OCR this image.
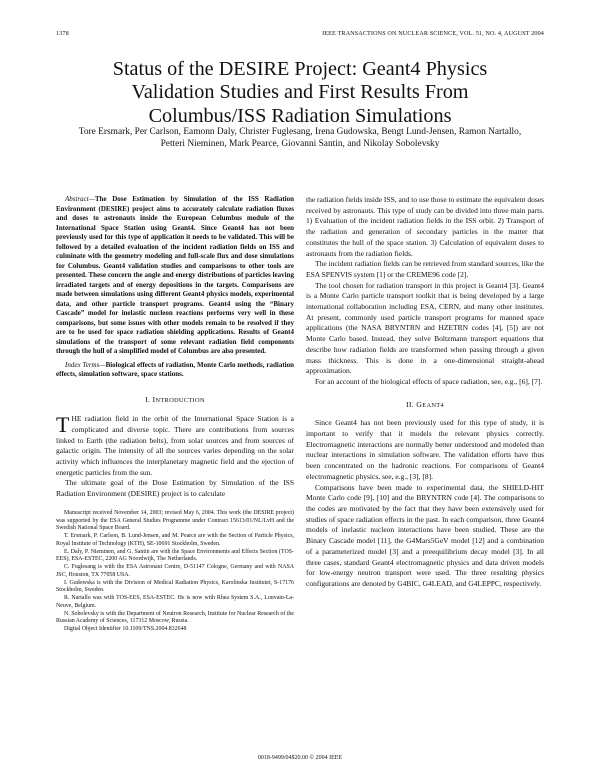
1378	IEEE TRANSACTIONS ON NUCLEAR SCIENCE, VOL. 51, NO. 4, AUGUST 2004
Status of the DESIRE Project: Geant4 Physics
Validation Studies and First Results From
Columbus/ISS Radiation Simulations
Tore Ersmark, Per Carlson, Eamonn Daly, Christer Fuglesang, Irena Gudowska, Bengt Lund-Jensen, Ramon Nartallo,
Petteri Nieminen, Mark Pearce, Giovanni Santin, and Nikolay Sobolevsky

Abstract—The Dose Estimation by Simulation of the ISS Radiation Environment (DESIRE) project aims to accurately calculate radiation fluxes and doses to astronauts inside the European Columbus module of the International Space Station using Geant4. Since Geant4 has not been previously used for this type of application it needs to be validated. This will be followed by a detailed evaluation of the incident radiation fields on ISS and culminate with the geometry modeling and full-scale flux and dose simulations for Columbus. Geant4 validation studies and comparisons to other tools are presented. These concern the angle and energy distributions of particles leaving irradiated targets and of energy depositions in the targets. Comparisons are made between simulations using different Geant4 physics models, experimental data, and other particle transport programs. Geant4 using the “Binary Cascade” model for inelastic nucleon reactions performs very well in these comparisons, but some issues with other models remain to be resolved if they are to be used for space radiation shielding applications. Results of Geant4 simulations of the transport of some relevant radiation field components through the hull of a simplified model of Columbus are also presented.

Index Terms—Biological effects of radiation, Monte Carlo methods, radiation effects, simulation software, space stations.

I. INTRODUCTION

THE radiation field in the orbit of the International Space Station is a complicated and diverse topic. There are contributions from sources linked to Earth (the radiation belts), from solar sources and from sources of galactic origin. The intensity of all the sources varies depending on the solar activity which influences the interplanetary magnetic field and the ejection of energetic particles from the sun.

The ultimate goal of the Dose Estimation by Simulation of the ISS Radiation Environment (DESIRE) project is to calculate

Manuscript received November 14, 2003; revised May 6, 2004. This work (the DESIRE project) was supported by the ESA General Studies Programme under Contract 15613/01/NL/LvH and the Swedish National Space Board.

T. Ersmark, P. Carlson, B. Lund-Jensen, and M. Pearce are with the Section of Particle Physics, Royal Institute of Technology (KTH), SE-10691 Stockholm, Sweden.

E. Daly, P. Nieminen, and G. Santin are with the Space Environments and Effects Section (TOS-EES), ESA-ESTEC, 2200 AG Noordwijk, The Netherlands.

C. Fuglesang is with the ESA Astronaut Centre, D-51147 Cologne, Germany and with NASA JSC, Houston, TX 77058 USA.

I. Gudowska is with the Division of Medical Radiation Physics, Karolinska Institutet, S-17176 Stockholm, Sweden.

R. Nartallo was with TOS-EES, ESA-ESTEC. He is now with Rhea System S.A., Louvain-La-Neuve, Belgium.

N. Sobolevsky is with the Department of Neutron Research, Institute for Nuclear Research of the Russian Academy of Sciences, 117312 Moscow, Russia.

Digital Object Identifier 10.1109/TNS.2004.832648

the radiation fields inside ISS, and to use those to estimate the equivalent doses received by astronauts. This type of study can be divided into three main parts. 1) Evaluation of the incident radiation fields in the ISS orbit. 2) Transport of the radiation and generation of secondary particles in the matter that constitutes the hull of the space station. 3) Calculation of equivalent doses to astronauts from the radiation fields.

The incident radiation fields can be retrieved from standard sources, like the ESA SPENVIS system [1] or the CREME96 code [2].

The tool chosen for radiation transport in this project is Geant4 [3]. Geant4 is a Monte Carlo particle transport toolkit that is being developed by a large international collaboration including ESA, CERN, and many other institutes. At present, commonly used particle transport programs for manned space applications (the NASA BRYNTRN and HZETRN codes [4], [5]) are not Monte Carlo based. Instead, they solve Boltzmann transport equations that describe how radiation fields are transformed when passing through a given mass thickness. This is done in a one-dimensional straight-ahead approximation.

For an account of the biological effects of space radiation, see, e.g., [6], [7].

II. GEANT4

Since Geant4 has not been previously used for this type of study, it is important to verify that it models the relevant physics correctly. Electromagnetic interactions are normally better understood and modeled than nuclear interactions in simulation software. The validation efforts have thus been concentrated on the hadronic reactions. For comparisons of Geant4 electromagnetic physics, see, e.g., [3], [8].

Comparisons have been made to experimental data, the SHIELD-HIT Monte Carlo code [9], [10] and the BRYNTRN code [4]. The comparisons to the codes are motivated by the fact that they have been extensively used for studies of space radiation effects in the past. In each comparison, three Geant4 models of inelastic nucleon interactions have been studied. These are the Binary Cascade model [11], the G4Mars5GeV model [12] and a combination of a parameterized model [3] and a preequilibrium decay model [3]. In all three cases, standard Geant4 electromagnetic physics and data driven models for low-energy neutron transport were used. The three resulting physics configurations are denoted by G4BIC, G4LEAD, and G4LEPPC, respectively.

0018-9499/04$20.00 © 2004 IEEE
